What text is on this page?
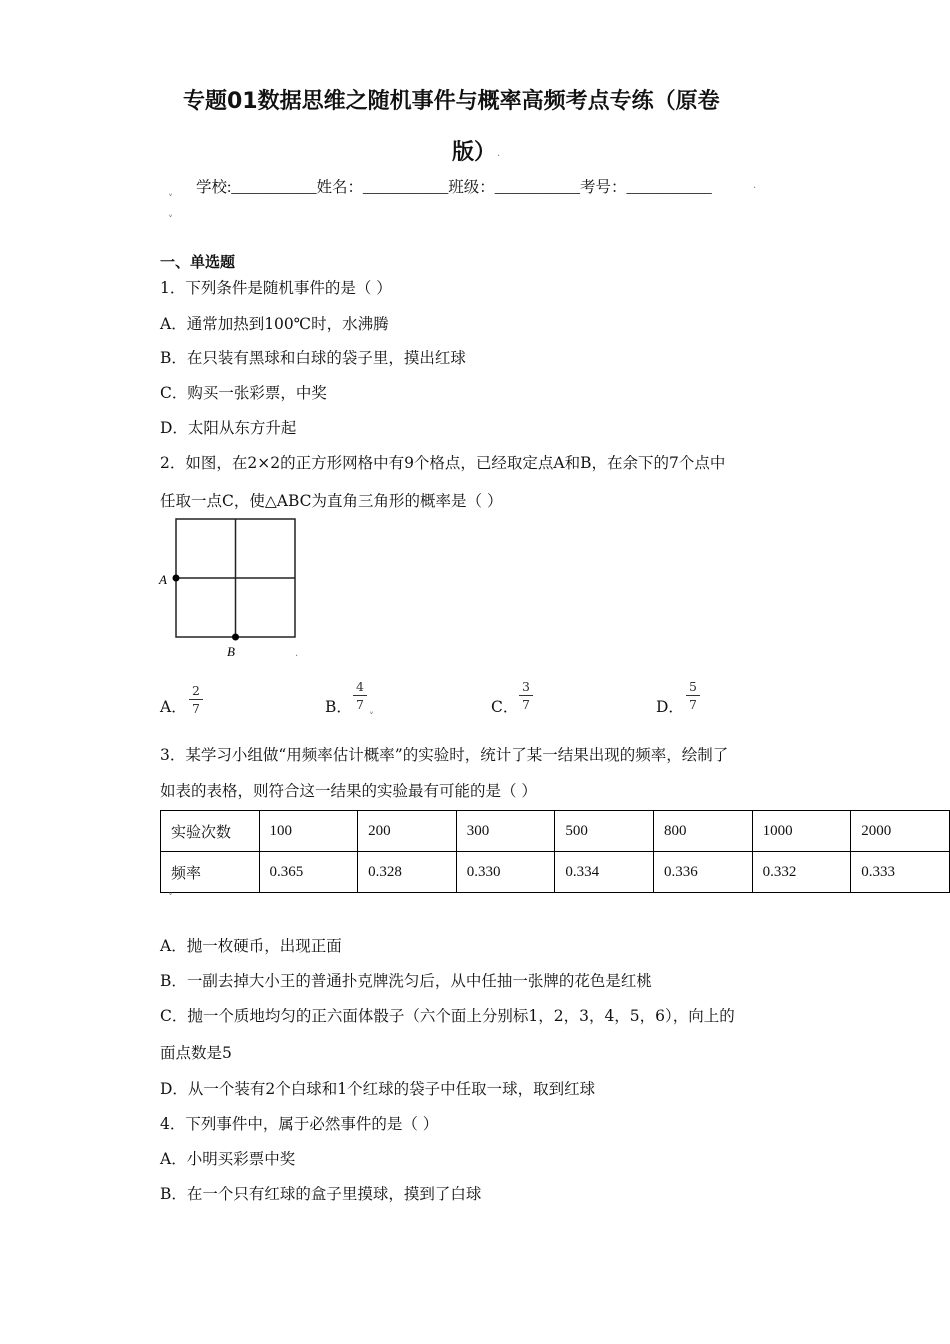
专题01数据思维之随机事件与概率高频考点专练（原卷
版） .
学校:___________姓名：___________班级：___________考号：___________	.
˅
˅
一、单选题
1．下列条件是随机事件的是（ ）
A．通常加热到100℃时，水沸腾
B．在只装有黑球和白球的袋子里，摸出红球
C．购买一张彩票，中奖
D．太阳从东方升起
2．如图，在2×2的正方形网格中有9个格点，已经取定点A和B，在余下的7个点中
任取一点C，使△ABC为直角三角形的概率是（ ）
A
B	.
A．
2
7	B．
4
7
˅
C．
3
7	D．
5
7
3．某学习小组做“用频率估计概率”的实验时，统计了某一结果出现的频率，绘制了
如表的表格，则符合这一结果的实验最有可能的是（ ）
实验次数	100	200	300	500	800	1000	2000
频率	0.365	0.328	0.330	0.334	0.336	0.332	0.333
˅
A．抛一枚硬币，出现正面
B．一副去掉大小王的普通扑克牌洗匀后，从中任抽一张牌的花色是红桃
C．抛一个质地均匀的正六面体骰子（六个面上分别标1，2，3，4，5，6），向上的
面点数是5
D．从一个装有2个白球和1个红球的袋子中任取一球，取到红球
4．下列事件中，属于必然事件的是（ ）
A．小明买彩票中奖
B．在一个只有红球的盒子里摸球，摸到了白球
